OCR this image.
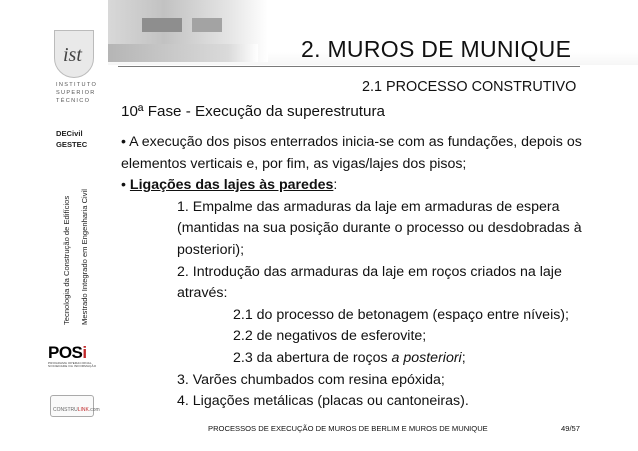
ist
INSTITUTO
SUPERIOR
TÉCNICO
DECivil
GESTEC
Tecnologia da Construção de Edifícios Mestrado Integrado em Engenharia Civil
POSi
PROGRAMA OPERACIONAL
SOCIEDADE DA INFORMAÇÃO
CONSTRULINK.com
2. MUROS DE MUNIQUE
2.1 PROCESSO CONSTRUTIVO
10ª Fase - Execução da superestrutura

• A execução dos pisos enterrados inicia-se com as fundações, depois os

elementos verticais e, por fim, as vigas/lajes dos pisos;

• Ligações das lajes às paredes:

1. Empalme das armaduras da laje em armaduras de espera

(mantidas na sua posição durante o processo ou desdobradas à

posteriori);

2. Introdução das armaduras da laje em roços criados na laje

através:

2.1 do processo de betonagem (espaço entre níveis);

2.2 de negativos de esferovite;

2.3 da abertura de roços a posteriori;

3. Varões chumbados com resina epóxida;

4. Ligações metálicas (placas ou cantoneiras).

PROCESSOS DE EXECUÇÃO DE MUROS DE BERLIM E MUROS DE MUNIQUE	49/57
